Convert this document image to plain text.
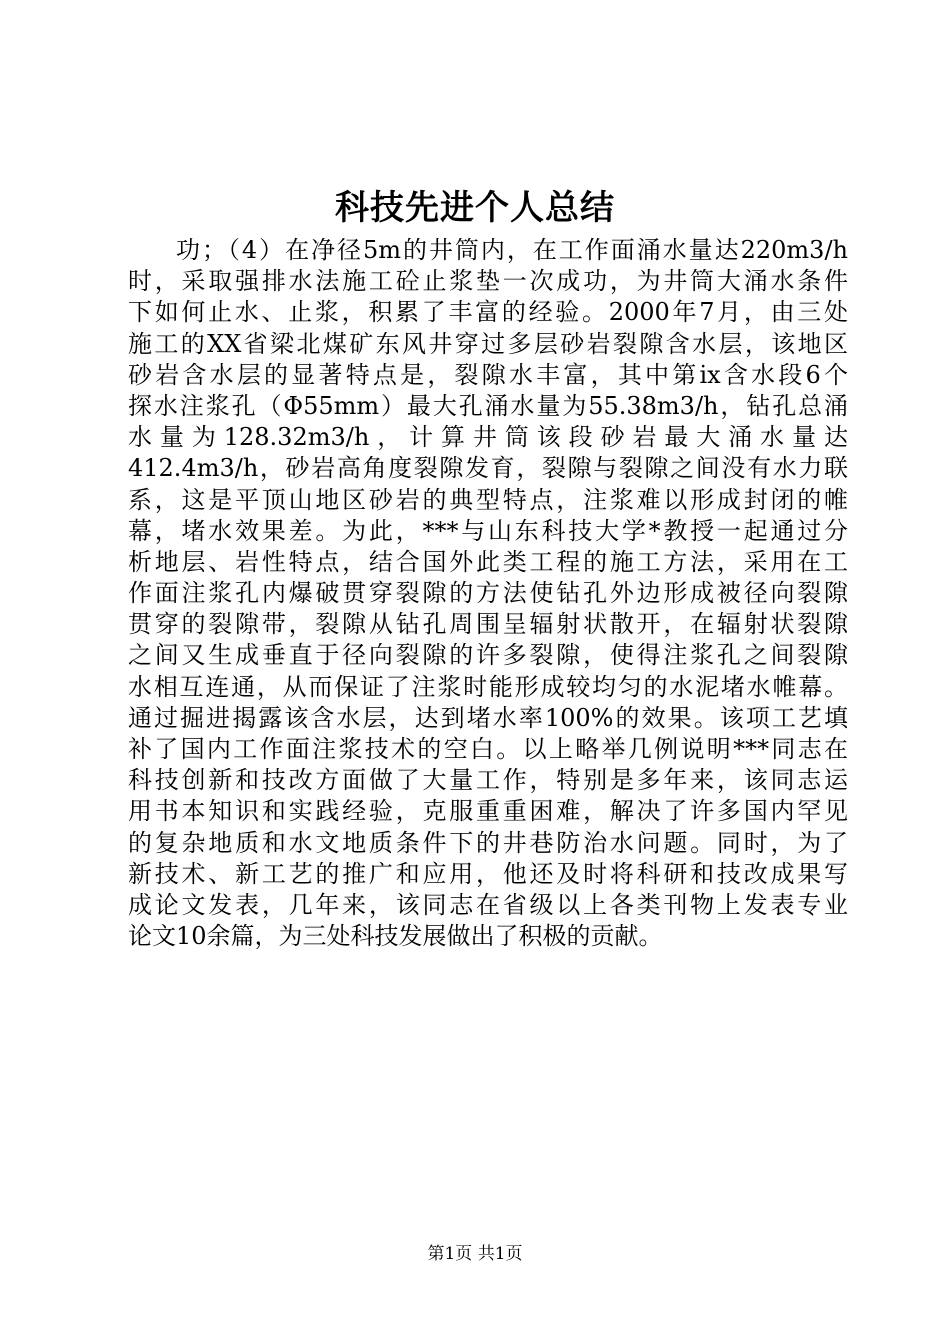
科技先进个人总结
功；（4）在净径5m的井筒内，在工作面涌水量达220m3/h
时，采取强排水法施工砼止浆垫一次成功，为井筒大涌水条件
下如何止水、止浆，积累了丰富的经验。2000年7月，由三处
施工的XX省梁北煤矿东风井穿过多层砂岩裂隙含水层，该地区
砂岩含水层的显著特点是，裂隙水丰富，其中第ix含水段6个
探水注浆孔（Φ55mm）最大孔涌水量为55.38m3/h，钻孔总涌
水量为128.32m3/h，计算井筒该段砂岩最大涌水量达
412.4m3/h，砂岩高角度裂隙发育，裂隙与裂隙之间没有水力联
系，这是平顶山地区砂岩的典型特点，注浆难以形成封闭的帷
幕，堵水效果差。为此，***与山东科技大学*教授一起通过分
析地层、岩性特点，结合国外此类工程的施工方法，采用在工
作面注浆孔内爆破贯穿裂隙的方法使钻孔外边形成被径向裂隙
贯穿的裂隙带，裂隙从钻孔周围呈辐射状散开，在辐射状裂隙
之间又生成垂直于径向裂隙的许多裂隙，使得注浆孔之间裂隙
水相互连通，从而保证了注浆时能形成较均匀的水泥堵水帷幕。
通过掘进揭露该含水层，达到堵水率100%的效果。该项工艺填
补了国内工作面注浆技术的空白。以上略举几例说明***同志在
科技创新和技改方面做了大量工作，特别是多年来，该同志运
用书本知识和实践经验，克服重重困难，解决了许多国内罕见
的复杂地质和水文地质条件下的井巷防治水问题。同时，为了
新技术、新工艺的推广和应用，他还及时将科研和技改成果写
成论文发表，几年来，该同志在省级以上各类刊物上发表专业
论文10余篇，为三处科技发展做出了积极的贡献。
第1页 共1页
